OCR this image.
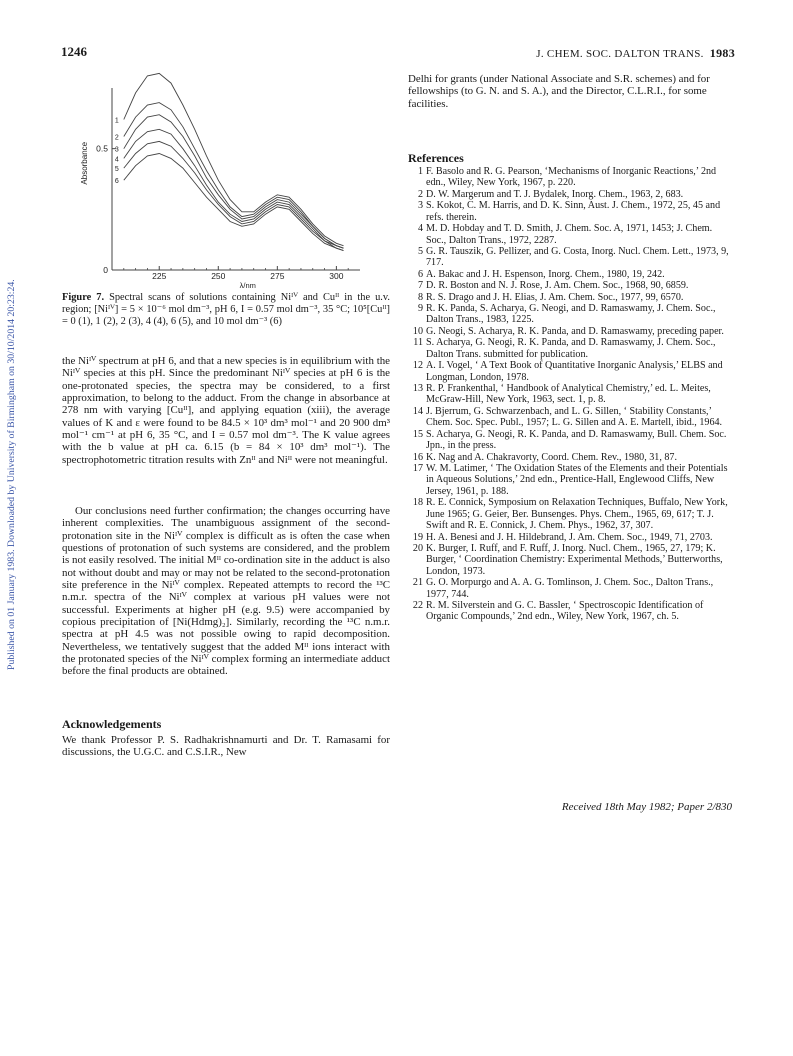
1246	J. CHEM. SOC. DALTON TRANS. 1983
Published on 01 January 1983. Downloaded by University of Birmingham on 30/10/2014 20:23:24.
225	250	275	300
0
0.5
λ/nm
Absorbance
1
2
3
4
5
6
Figure 7. Spectral scans of solutions containing Niᴵⱽ and Cuᴵᴵ in the u.v. region; [Niᴵⱽ] = 5 × 10⁻⁶ mol dm⁻³, pH 6, I = 0.57 mol dm⁻³, 35 °C; 10⁵[Cuᴵᴵ] = 0 (1), 1 (2), 2 (3), 4 (4), 6 (5), and 10 mol dm⁻³ (6)

the Niᴵⱽ spectrum at pH 6, and that a new species is in equilibrium with the Niᴵⱽ species at this pH. Since the predominant Niᴵⱽ species at pH 6 is the one-protonated species, the spectra may be considered, to a first approximation, to belong to the adduct. From the change in absorbance at 278 nm with varying [Cuᴵᴵ], and applying equation (xiii), the average values of K and ε were found to be 84.5 × 10³ dm³ mol⁻¹ and 20 900 dm³ mol⁻¹ cm⁻¹ at pH 6, 35 °C, and I = 0.57 mol dm⁻³. The K value agrees with the b value at pH ca. 6.15 (b = 84 × 10³ dm³ mol⁻¹). The spectrophotometric titration results with Znᴵᴵ and Niᴵᴵ were not meaningful.

Our conclusions need further confirmation; the changes occurring have inherent complexities. The unambiguous assignment of the second-protonation site in the Niᴵⱽ complex is difficult as is often the case when questions of protonation of such systems are considered, and the problem is not easily resolved. The initial Mᴵᴵ co-ordination site in the adduct is also not without doubt and may or may not be related to the second-protonation site preference in the Niᴵⱽ complex. Repeated attempts to record the ¹³C n.m.r. spectra of the Niᴵⱽ complex at various pH values were not successful. Experiments at higher pH (e.g. 9.5) were accompanied by copious precipitation of [Ni(Hdmg)₂]. Similarly, recording the ¹³C n.m.r. spectra at pH 4.5 was not possible owing to rapid decomposition. Nevertheless, we tentatively suggest that the added Mᴵᴵ ions interact with the protonated species of the Niᴵⱽ complex forming an intermediate adduct before the final products are obtained.

Acknowledgements

We thank Professor P. S. Radhakrishnamurti and Dr. T. Ramasami for discussions, the U.G.C. and C.S.I.R., New

Delhi for grants (under National Associate and S.R. schemes) and for fellowships (to G. N. and S. A.), and the Director, C.L.R.I., for some facilities.

References
1 F. Basolo and R. G. Pearson, ‘Mechanisms of Inorganic Reactions,’ 2nd edn., Wiley, New York, 1967, p. 220.
2 D. W. Margerum and T. J. Bydalek, Inorg. Chem., 1963, 2, 683.
3 S. Kokot, C. M. Harris, and D. K. Sinn, Aust. J. Chem., 1972, 25, 45 and refs. therein.
4 M. D. Hobday and T. D. Smith, J. Chem. Soc. A, 1971, 1453; J. Chem. Soc., Dalton Trans., 1972, 2287.
5 G. R. Tauszik, G. Pellizer, and G. Costa, Inorg. Nucl. Chem. Lett., 1973, 9, 717.
6 A. Bakac and J. H. Espenson, Inorg. Chem., 1980, 19, 242.
7 D. R. Boston and N. J. Rose, J. Am. Chem. Soc., 1968, 90, 6859.
8 R. S. Drago and J. H. Elias, J. Am. Chem. Soc., 1977, 99, 6570.
9 R. K. Panda, S. Acharya, G. Neogi, and D. Ramaswamy, J. Chem. Soc., Dalton Trans., 1983, 1225.
10 G. Neogi, S. Acharya, R. K. Panda, and D. Ramaswamy, preceding paper.
11 S. Acharya, G. Neogi, R. K. Panda, and D. Ramaswamy, J. Chem. Soc., Dalton Trans. submitted for publication.
12 A. I. Vogel, ‘ A Text Book of Quantitative Inorganic Analysis,’ ELBS and Longman, London, 1978.
13 R. P. Frankenthal, ‘ Handbook of Analytical Chemistry,’ ed. L. Meites, McGraw-Hill, New York, 1963, sect. 1, p. 8.
14 J. Bjerrum, G. Schwarzenbach, and L. G. Sillen, ‘ Stability Constants,’ Chem. Soc. Spec. Publ., 1957; L. G. Sillen and A. E. Martell, ibid., 1964.
15 S. Acharya, G. Neogi, R. K. Panda, and D. Ramaswamy, Bull. Chem. Soc. Jpn., in the press.
16 K. Nag and A. Chakravorty, Coord. Chem. Rev., 1980, 31, 87.
17 W. M. Latimer, ‘ The Oxidation States of the Elements and their Potentials in Aqueous Solutions,’ 2nd edn., Prentice-Hall, Englewood Cliffs, New Jersey, 1961, p. 188.
18 R. E. Connick, Symposium on Relaxation Techniques, Buffalo, New York, June 1965; G. Geier, Ber. Bunsenges. Phys. Chem., 1965, 69, 617; T. J. Swift and R. E. Connick, J. Chem. Phys., 1962, 37, 307.
19 H. A. Benesi and J. H. Hildebrand, J. Am. Chem. Soc., 1949, 71, 2703.
20 K. Burger, I. Ruff, and F. Ruff, J. Inorg. Nucl. Chem., 1965, 27, 179; K. Burger, ‘ Coordination Chemistry: Experimental Methods,’ Butterworths, London, 1973.
21 G. O. Morpurgo and A. A. G. Tomlinson, J. Chem. Soc., Dalton Trans., 1977, 744.
22 R. M. Silverstein and G. C. Bassler, ‘ Spectroscopic Identification of Organic Compounds,’ 2nd edn., Wiley, New York, 1967, ch. 5.
Received 18th May 1982; Paper 2/830
